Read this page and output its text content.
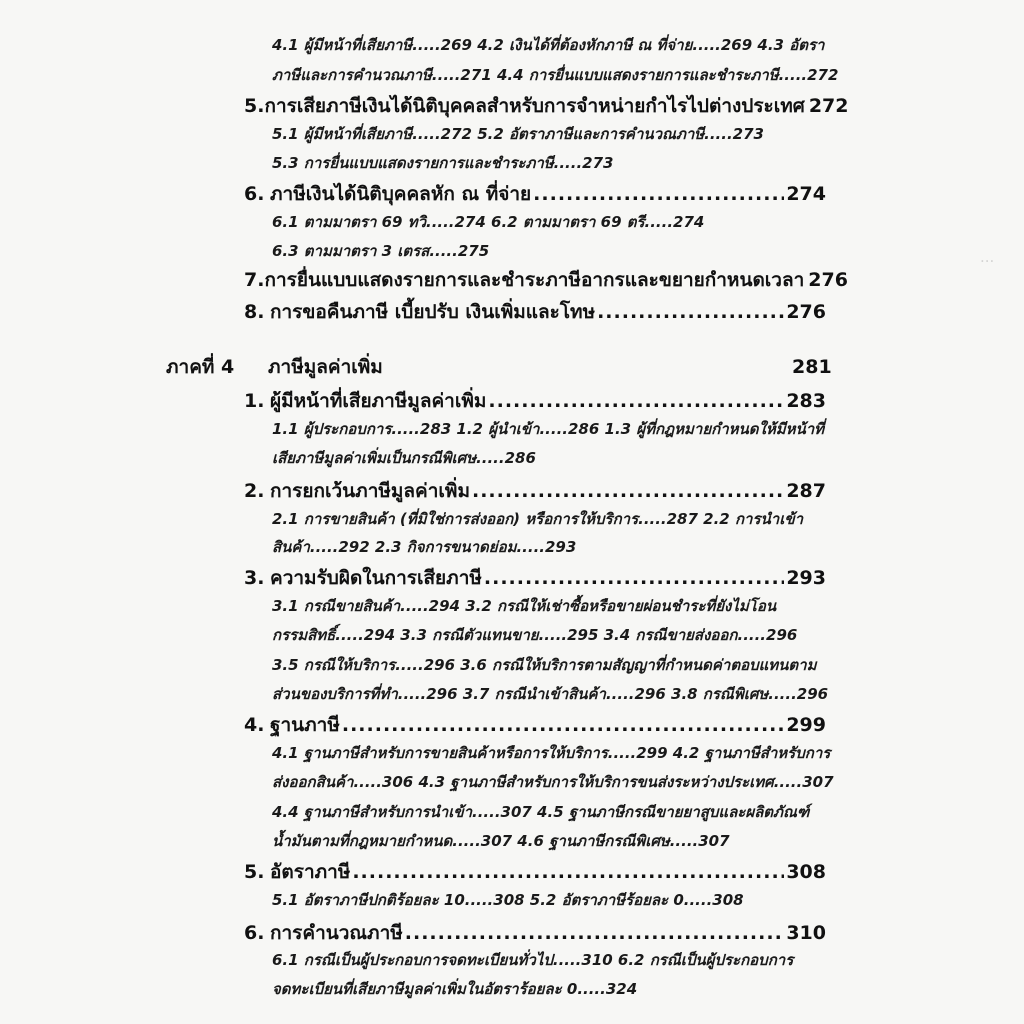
...
4.1 ผู้มีหน้าที่เสียภาษี.....269 4.2 เงินได้ที่ต้องหักภาษี ณ ที่จ่าย.....269 4.3 อัตรา
ภาษีและการคำนวณภาษี.....271 4.4 การยื่นแบบแสดงรายการและชำระภาษี.....272
5. การเสียภาษีเงินได้นิติบุคคลสำหรับการจำหน่ายกำไรไปต่างประเทศ 272
5.1 ผู้มีหน้าที่เสียภาษี.....272 5.2 อัตราภาษีและการคำนวณภาษี.....273
5.3 การยื่นแบบแสดงรายการและชำระภาษี.....273
6. ภาษีเงินได้นิติบุคคลหัก ณ ที่จ่าย .....	274
6.1 ตามมาตรา 69 ทวิ.....274 6.2 ตามมาตรา 69 ตรี.....274
6.3 ตามมาตรา 3 เตรส.....275
7. การยื่นแบบแสดงรายการและชำระภาษีอากรและขยายกำหนดเวลา 276
8. การขอคืนภาษี เบี้ยปรับ เงินเพิ่มและโทษ .....	276
ภาคที่ 4 ภาษีมูลค่าเพิ่ม	281
1. ผู้มีหน้าที่เสียภาษีมูลค่าเพิ่ม .....	283
1.1 ผู้ประกอบการ.....283 1.2 ผู้นำเข้า.....286 1.3 ผู้ที่กฎหมายกำหนดให้มีหน้าที่
เสียภาษีมูลค่าเพิ่มเป็นกรณีพิเศษ.....286
2. การยกเว้นภาษีมูลค่าเพิ่ม .....	287
2.1 การขายสินค้า (ที่มิใช่การส่งออก) หรือการให้บริการ.....287 2.2 การนำเข้า
สินค้า.....292 2.3 กิจการขนาดย่อม.....293
3. ความรับผิดในการเสียภาษี .....	293
3.1 กรณีขายสินค้า.....294 3.2 กรณีให้เช่าซื้อหรือขายผ่อนชำระที่ยังไม่โอน
กรรมสิทธิ์.....294 3.3 กรณีตัวแทนขาย.....295 3.4 กรณีขายส่งออก.....296
3.5 กรณีให้บริการ.....296 3.6 กรณีให้บริการตามสัญญาที่กำหนดค่าตอบแทนตาม
ส่วนของบริการที่ทำ.....296 3.7 กรณีนำเข้าสินค้า.....296 3.8 กรณีพิเศษ.....296
4. ฐานภาษี .....	299
4.1 ฐานภาษีสำหรับการขายสินค้าหรือการให้บริการ.....299 4.2 ฐานภาษีสำหรับการ
ส่งออกสินค้า.....306 4.3 ฐานภาษีสำหรับการให้บริการขนส่งระหว่างประเทศ.....307
4.4 ฐานภาษีสำหรับการนำเข้า.....307 4.5 ฐานภาษีกรณีขายยาสูบและผลิตภัณฑ์
น้ำมันตามที่กฎหมายกำหนด.....307 4.6 ฐานภาษีกรณีพิเศษ.....307
5. อัตราภาษี .....	308
5.1 อัตราภาษีปกติร้อยละ 10.....308 5.2 อัตราภาษีร้อยละ 0.....308
6. การคำนวณภาษี .....	310
6.1 กรณีเป็นผู้ประกอบการจดทะเบียนทั่วไป.....310 6.2 กรณีเป็นผู้ประกอบการ
จดทะเบียนที่เสียภาษีมูลค่าเพิ่มในอัตราร้อยละ 0.....324
